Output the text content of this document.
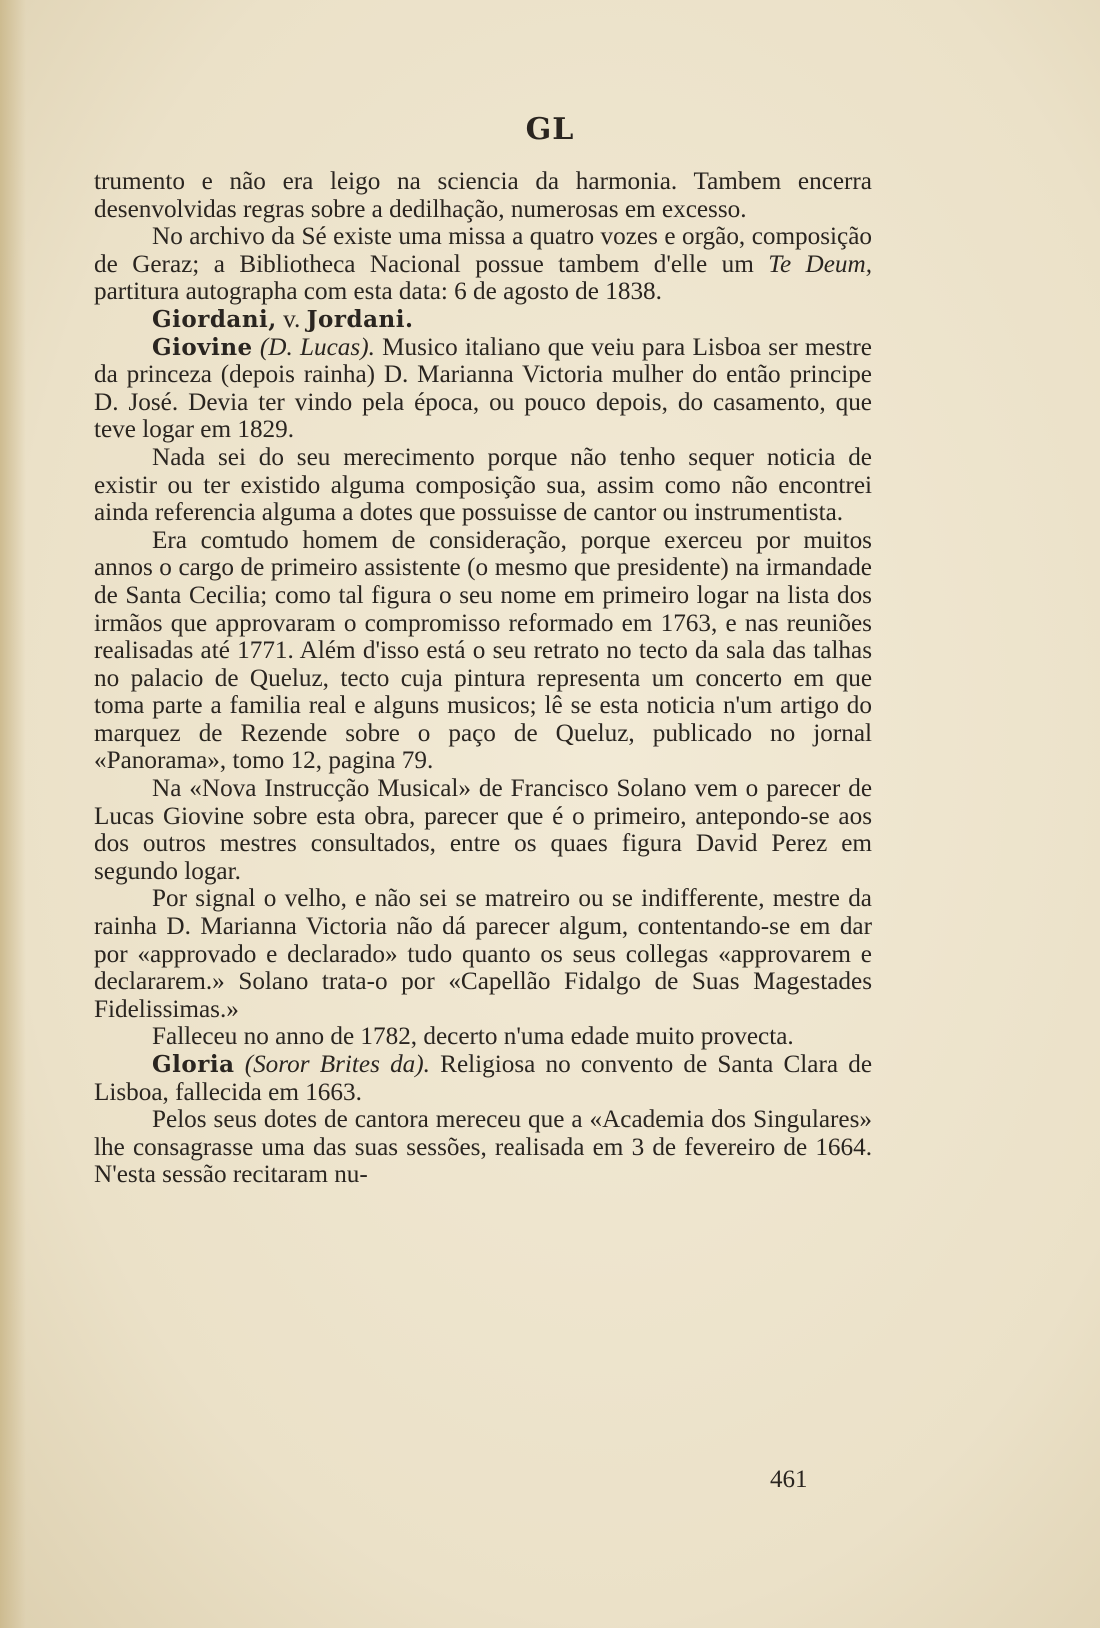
GL

trumento e não era leigo na sciencia da harmonia. Tambem encerra desenvolvidas regras sobre a dedilhação, numerosas em excesso.

No archivo da Sé existe uma missa a quatro vozes e orgão, composição de Geraz; a Bibliotheca Nacional possue tambem d'elle um Te Deum, partitura autographa com esta data: 6 de agosto de 1838.

Giordani, v. Jordani.

Giovine (D. Lucas). Musico italiano que veiu para Lisboa ser mestre da princeza (depois rainha) D. Marianna Victoria mulher do então principe D. José. Devia ter vindo pela época, ou pouco depois, do casamento, que teve logar em 1829.

Nada sei do seu merecimento porque não tenho sequer noticia de existir ou ter existido alguma composição sua, assim como não encontrei ainda referencia alguma a dotes que possuisse de cantor ou instrumentista.

Era comtudo homem de consideração, porque exerceu por muitos annos o cargo de primeiro assistente (o mesmo que presidente) na irmandade de Santa Cecilia; como tal figura o seu nome em primeiro logar na lista dos irmãos que approvaram o compromisso reformado em 1763, e nas reuniões realisadas até 1771. Além d'isso está o seu retrato no tecto da sala das talhas no palacio de Queluz, tecto cuja pintura representa um concerto em que toma parte a familia real e alguns musicos; lê se esta noticia n'um artigo do marquez de Rezende sobre o paço de Queluz, publicado no jornal «Panorama», tomo 12, pagina 79.

Na «Nova Instrucção Musical» de Francisco Solano vem o parecer de Lucas Giovine sobre esta obra, parecer que é o primeiro, antepondo-se aos dos outros mestres consultados, entre os quaes figura David Perez em segundo logar.

Por signal o velho, e não sei se matreiro ou se indifferente, mestre da rainha D. Marianna Victoria não dá parecer algum, contentando-se em dar por «approvado e declarado» tudo quanto os seus collegas «approvarem e declararem.» Solano trata-o por «Capellão Fidalgo de Suas Magestades Fidelissimas.»

Falleceu no anno de 1782, decerto n'uma edade muito provecta.

Gloria (Soror Brites da). Religiosa no convento de Santa Clara de Lisboa, fallecida em 1663.

Pelos seus dotes de cantora mereceu que a «Academia dos Singulares» lhe consagrasse uma das suas sessões, realisada em 3 de fevereiro de 1664. N'esta sessão recitaram nu-

461
